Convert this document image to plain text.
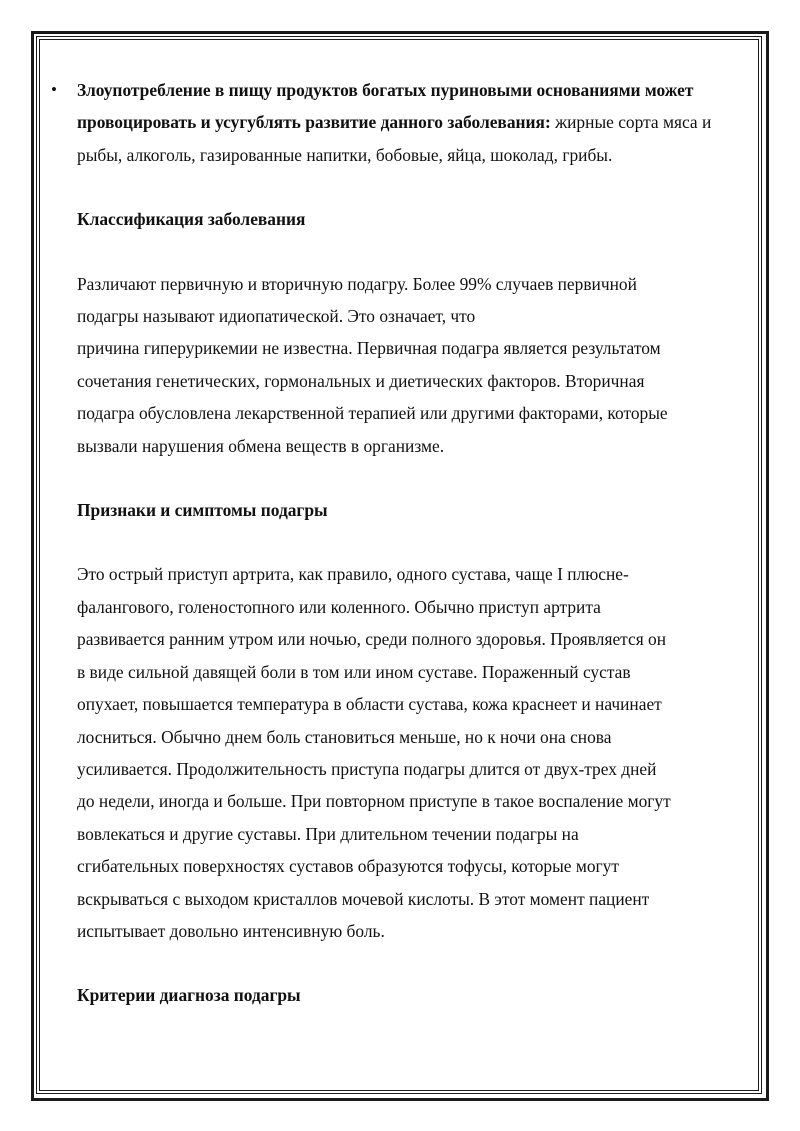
• Злоупотребление в пищу продуктов богатых пуриновыми основаниями может провоцировать и усугублять развитие данного заболевания: жирные сорта мяса и рыбы, алкоголь, газированные напитки, бобовые, яйца, шоколад, грибы.

Классификация заболевания

Различают первичную и вторичную подагру. Более 99% случаев первичной
подагры называют идиопатической. Это означает, что
причина гиперурикемии не известна. Первичная подагра является результатом
сочетания генетических, гормональных и диетических факторов. Вторичная
подагра обусловлена лекарственной терапией или другими факторами, которые
вызвали нарушения обмена веществ в организме.

Признаки и симптомы подагры

Это острый приступ артрита, как правило, одного сустава, чаще I плюсне-
фалангового, голеностопного или коленного. Обычно приступ артрита
развивается ранним утром или ночью, среди полного здоровья. Проявляется он
в виде сильной давящей боли в том или ином суставе. Пораженный сустав
опухает, повышается температура в области сустава, кожа краснеет и начинает
лосниться. Обычно днем боль становиться меньше, но к ночи она снова
усиливается. Продолжительность приступа подагры длится от двух-трех дней
до недели, иногда и больше. При повторном приступе в такое воспаление могут
вовлекаться и другие суставы. При длительном течении подагры на
сгибательных поверхностях суставов образуются тофусы, которые могут
вскрываться с выходом кристаллов мочевой кислоты. В этот момент пациент
испытывает довольно интенсивную боль.

Критерии диагноза подагры
